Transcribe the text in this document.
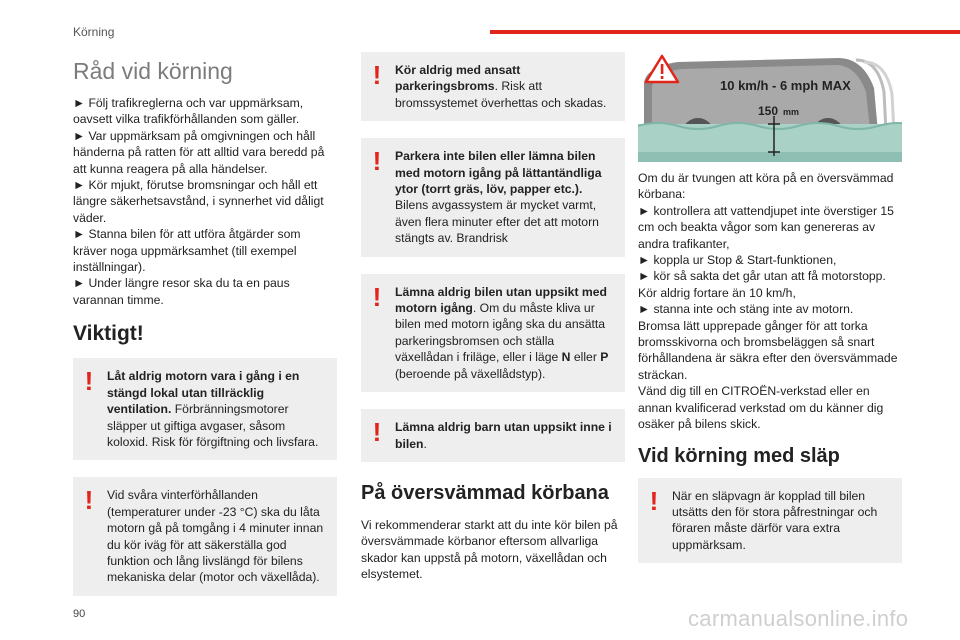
Körning
Råd vid körning

► Följ trafikreglerna och var uppmärksam, oavsett vilka trafikförhållanden som gäller.
► Var uppmärksam på omgivningen och håll händerna på ratten för att alltid vara beredd på att kunna reagera på alla händelser.
► Kör mjukt, förutse bromsningar och håll ett längre säkerhetsavstånd, i synnerhet vid dåligt väder.
► Stanna bilen för att utföra åtgärder som kräver noga uppmärksamhet (till exempel inställningar).
► Under längre resor ska du ta en paus varannan timme.

Viktigt!
!	Låt aldrig motorn vara i gång i en stängd lokal utan tillräcklig ventilation. Förbränningsmotorer släpper ut giftiga avgaser, såsom koloxid. Risk för förgiftning och livsfara.
!	Vid svåra vinterförhållanden (temperaturer under -23 °C) ska du låta motorn gå på tomgång i 4 minuter innan du kör iväg för att säkerställa god funktion och lång livslängd för bilens mekaniska delar (motor och växellåda).
!	Kör aldrig med ansatt parkeringsbroms. Risk att bromssystemet överhettas och skadas.
!	Parkera inte bilen eller lämna bilen med motorn igång på lättantändliga ytor (torrt gräs, löv, papper etc.). Bilens avgassystem är mycket varmt, även flera minuter efter det att motorn stängts av. Brandrisk
!	Lämna aldrig bilen utan uppsikt med motorn igång. Om du måste kliva ur bilen med motorn igång ska du ansätta parkeringsbromsen och ställa växellådan i friläge, eller i läge N eller P (beroende på växellådstyp).
!	Lämna aldrig barn utan uppsikt inne i bilen.
På översvämmad körbana

Vi rekommenderar starkt att du inte kör bilen på översvämmade körbanor eftersom allvarliga skador kan uppstå på motorn, växellådan och elsystemet.

10 km/h - 6 mph MAX
150 mm

Om du är tvungen att köra på en översvämmad körbana:
► kontrollera att vattendjupet inte överstiger 15 cm och beakta vågor som kan genereras av andra trafikanter,
► koppla ur Stop & Start-funktionen,
► kör så sakta det går utan att få motorstopp. Kör aldrig fortare än 10 km/h,
► stanna inte och stäng inte av motorn.
Bromsa lätt upprepade gånger för att torka bromsskivorna och bromsbeläggen så snart förhållandena är säkra efter den översvämmade sträckan.
Vänd dig till en CITROËN-verkstad eller en annan kvalificerad verkstad om du känner dig osäker på bilens skick.

Vid körning med släp
!	När en släpvagn är kopplad till bilen utsätts den för stora påfrestningar och föraren måste därför vara extra uppmärksam.
90	carmanualsonline.info
